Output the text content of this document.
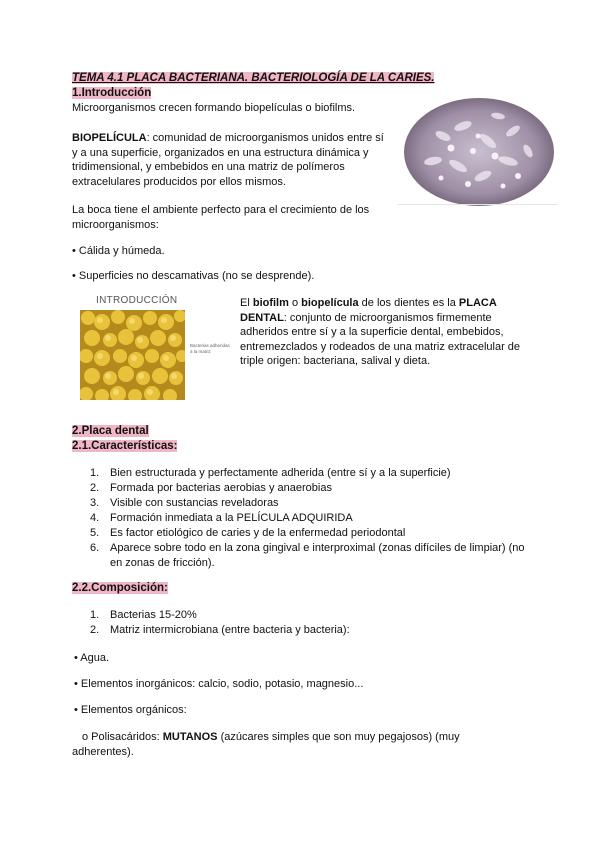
TEMA 4.1 PLACA BACTERIANA. BACTERIOLOGÍA DE LA CARIES.
1.Introducción
Microorganismos crecen formando biopelículas o biofilms.
BIOPELÍCULA: comunidad de microorganismos unidos entre sí
y a una superficie, organizados en una estructura dinámica y
tridimensional, y embebidos en una matriz de polímeros
extracelulares producidos por ellos mismos.
La boca tiene el ambiente perfecto para el crecimiento de los
microorganismos:
• Cálida y húmeda.
• Superficies no descamativas (no se desprende).
INTRODUCCIÓN
Bacterias adheridas a la matriz
El biofilm o biopelícula de los dientes es la PLACA
DENTAL: conjunto de microorganismos firmemente
adheridos entre sí y a la superficie dental, embebidos,
entremezclados y rodeados de una matriz extracelular de
triple origen: bacteriana, salival y dieta.
2.Placa dental
2.1.Características:
1. Bien estructurada y perfectamente adherida (entre sí y a la superficie)
2. Formada por bacterias aerobias y anaerobias
3. Visible con sustancias reveladoras
4. Formación inmediata a la PELÍCULA ADQUIRIDA
5. Es factor etiológico de caries y de la enfermedad periodontal
6. Aparece sobre todo en la zona gingival e interproximal (zonas difíciles de limpiar) (no
en zonas de fricción).
2.2.Composición:
1. Bacterias 15-20%
2. Matriz intermicrobiana (entre bacteria y bacteria):
• Agua.
• Elementos inorgánicos: calcio, sodio, potasio, magnesio...
• Elementos orgánicos:
o Polisacáridos: MUTANOS (azúcares simples que son muy pegajosos) (muy
adherentes).
